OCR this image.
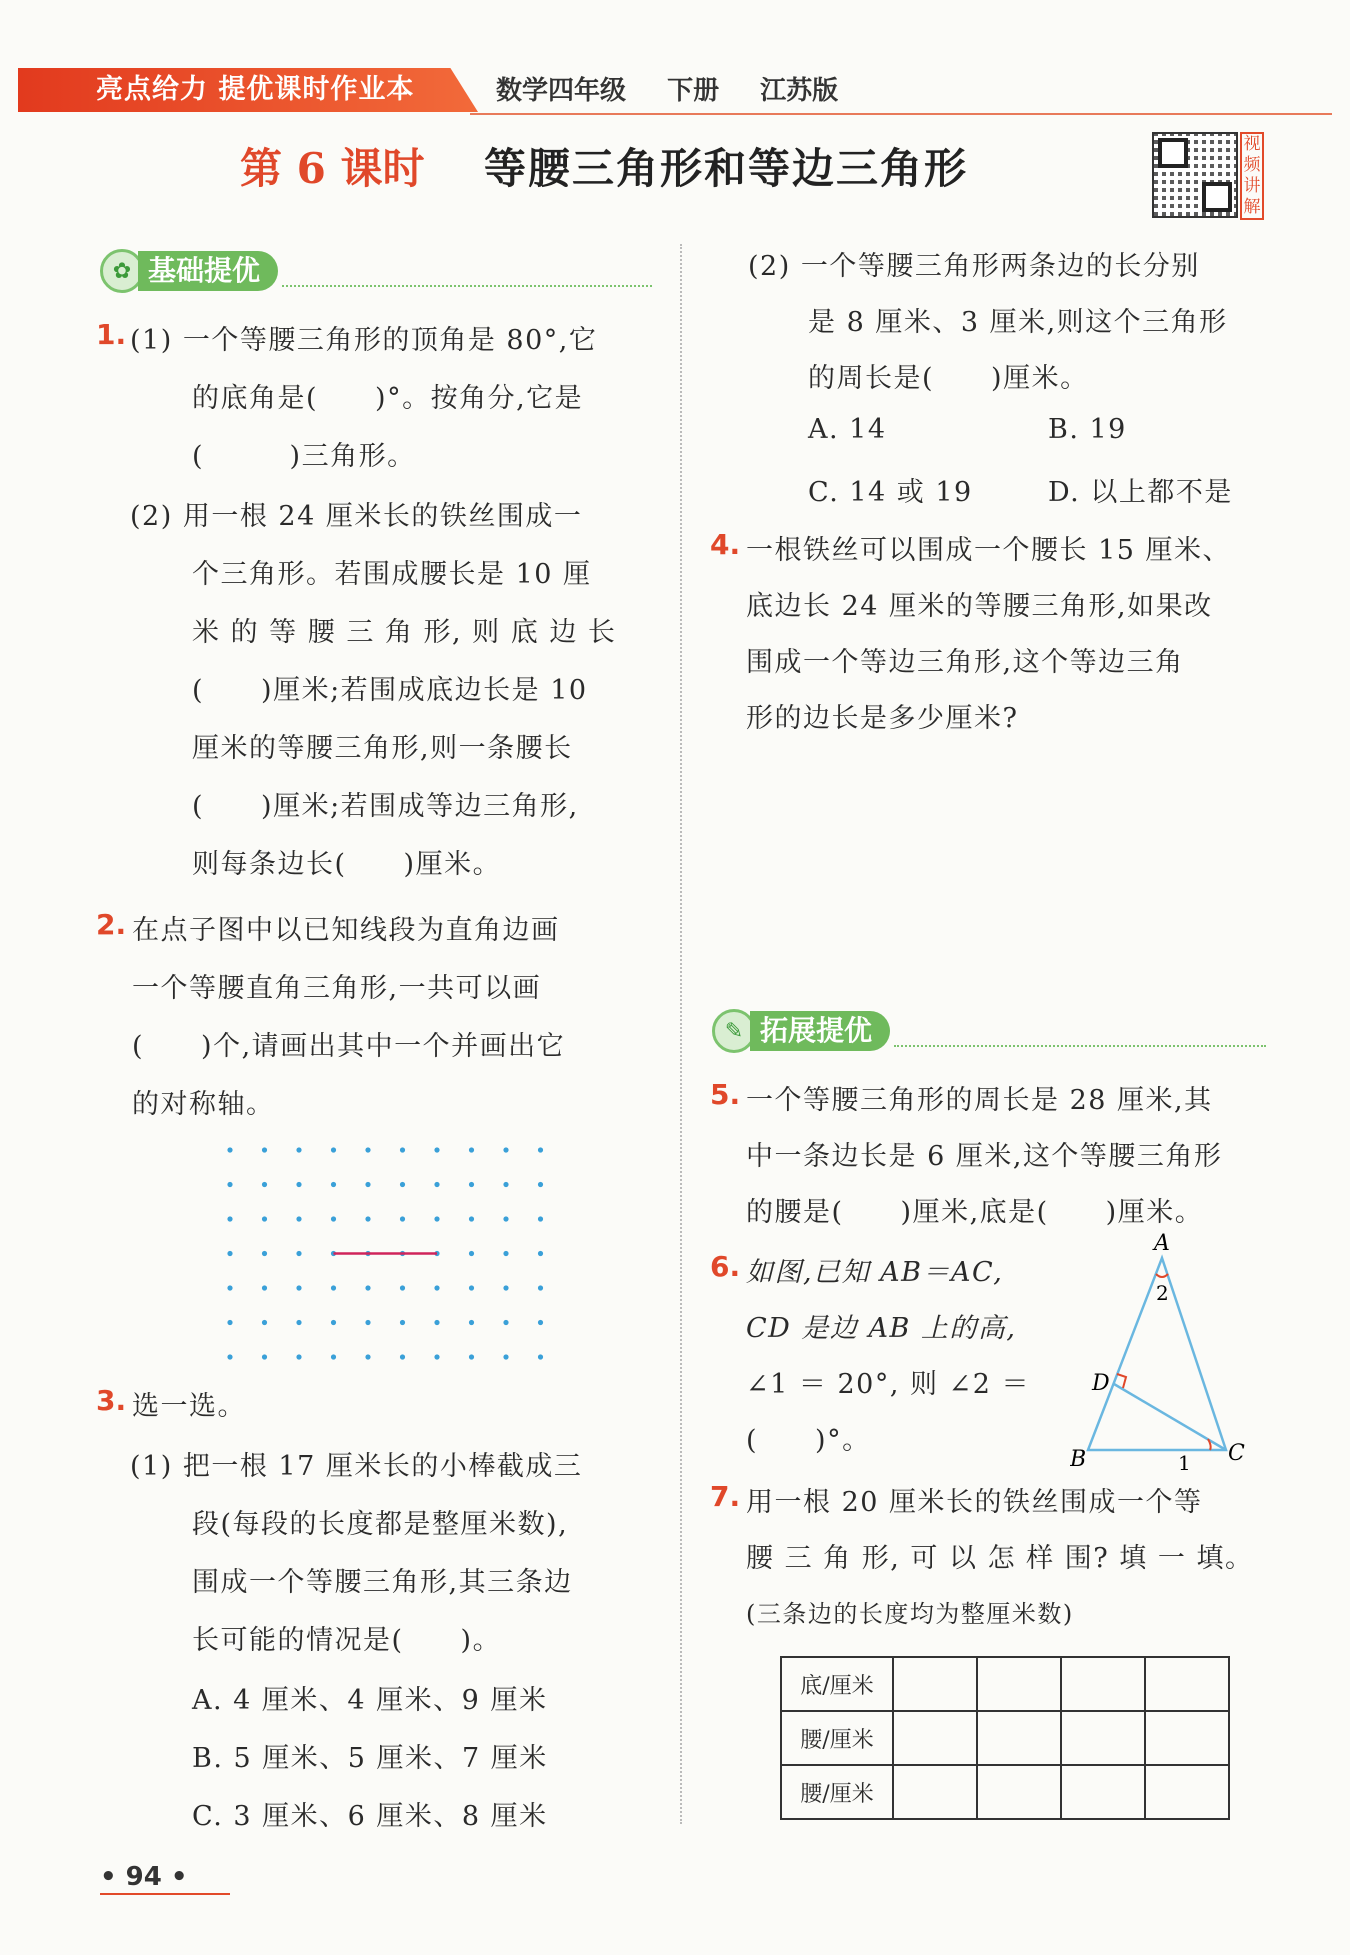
亮点给力 提优课时作业本	数学四年级 下册 江苏版
第 6 课时 等腰三角形和等边三角形	视频讲解
✿ 基础提优
1. (1) 一个等腰三角形的顶角是 80°,它
的底角是(　　)°。按角分,它是
(　　　)三角形。
(2) 用一根 24 厘米长的铁丝围成一
个三角形。若围成腰长是 10 厘
米 的 等 腰 三 角 形, 则 底 边 长
(　　)厘米;若围成底边长是 10
厘米的等腰三角形,则一条腰长
(　　)厘米;若围成等边三角形,
则每条边长(　　)厘米。
2. 在点子图中以已知线段为直角边画
一个等腰直角三角形,一共可以画
(　　)个,请画出其中一个并画出它
的对称轴。
3. 选一选。
(1) 把一根 17 厘米长的小棒截成三
段(每段的长度都是整厘米数),
围成一个等腰三角形,其三条边
长可能的情况是(　　)。
A. 4 厘米、4 厘米、9 厘米
B. 5 厘米、5 厘米、7 厘米
C. 3 厘米、6 厘米、8 厘米
(2) 一个等腰三角形两条边的长分别
是 8 厘米、3 厘米,则这个三角形
的周长是(　　)厘米。
A. 14	B. 19
C. 14 或 19	D. 以上都不是
4. 一根铁丝可以围成一个腰长 15 厘米、
底边长 24 厘米的等腰三角形,如果改
围成一个等边三角形,这个等边三角
形的边长是多少厘米?
✎ 拓展提优
5. 一个等腰三角形的周长是 28 厘米,其
中一条边长是 6 厘米,这个等腰三角形
的腰是(　　)厘米,底是(　　)厘米。
6. 如图,已知 AB＝AC,
CD 是边 AB 上的高,
∠1 ＝ 20°, 则 ∠2 ＝
(　　)°。
A
B	C
D
2
1
7. 用一根 20 厘米长的铁丝围成一个等
腰 三 角 形, 可 以 怎 样 围? 填 一 填。
(三条边的长度均为整厘米数)
底/厘米				
腰/厘米				
腰/厘米				
• 94 •
